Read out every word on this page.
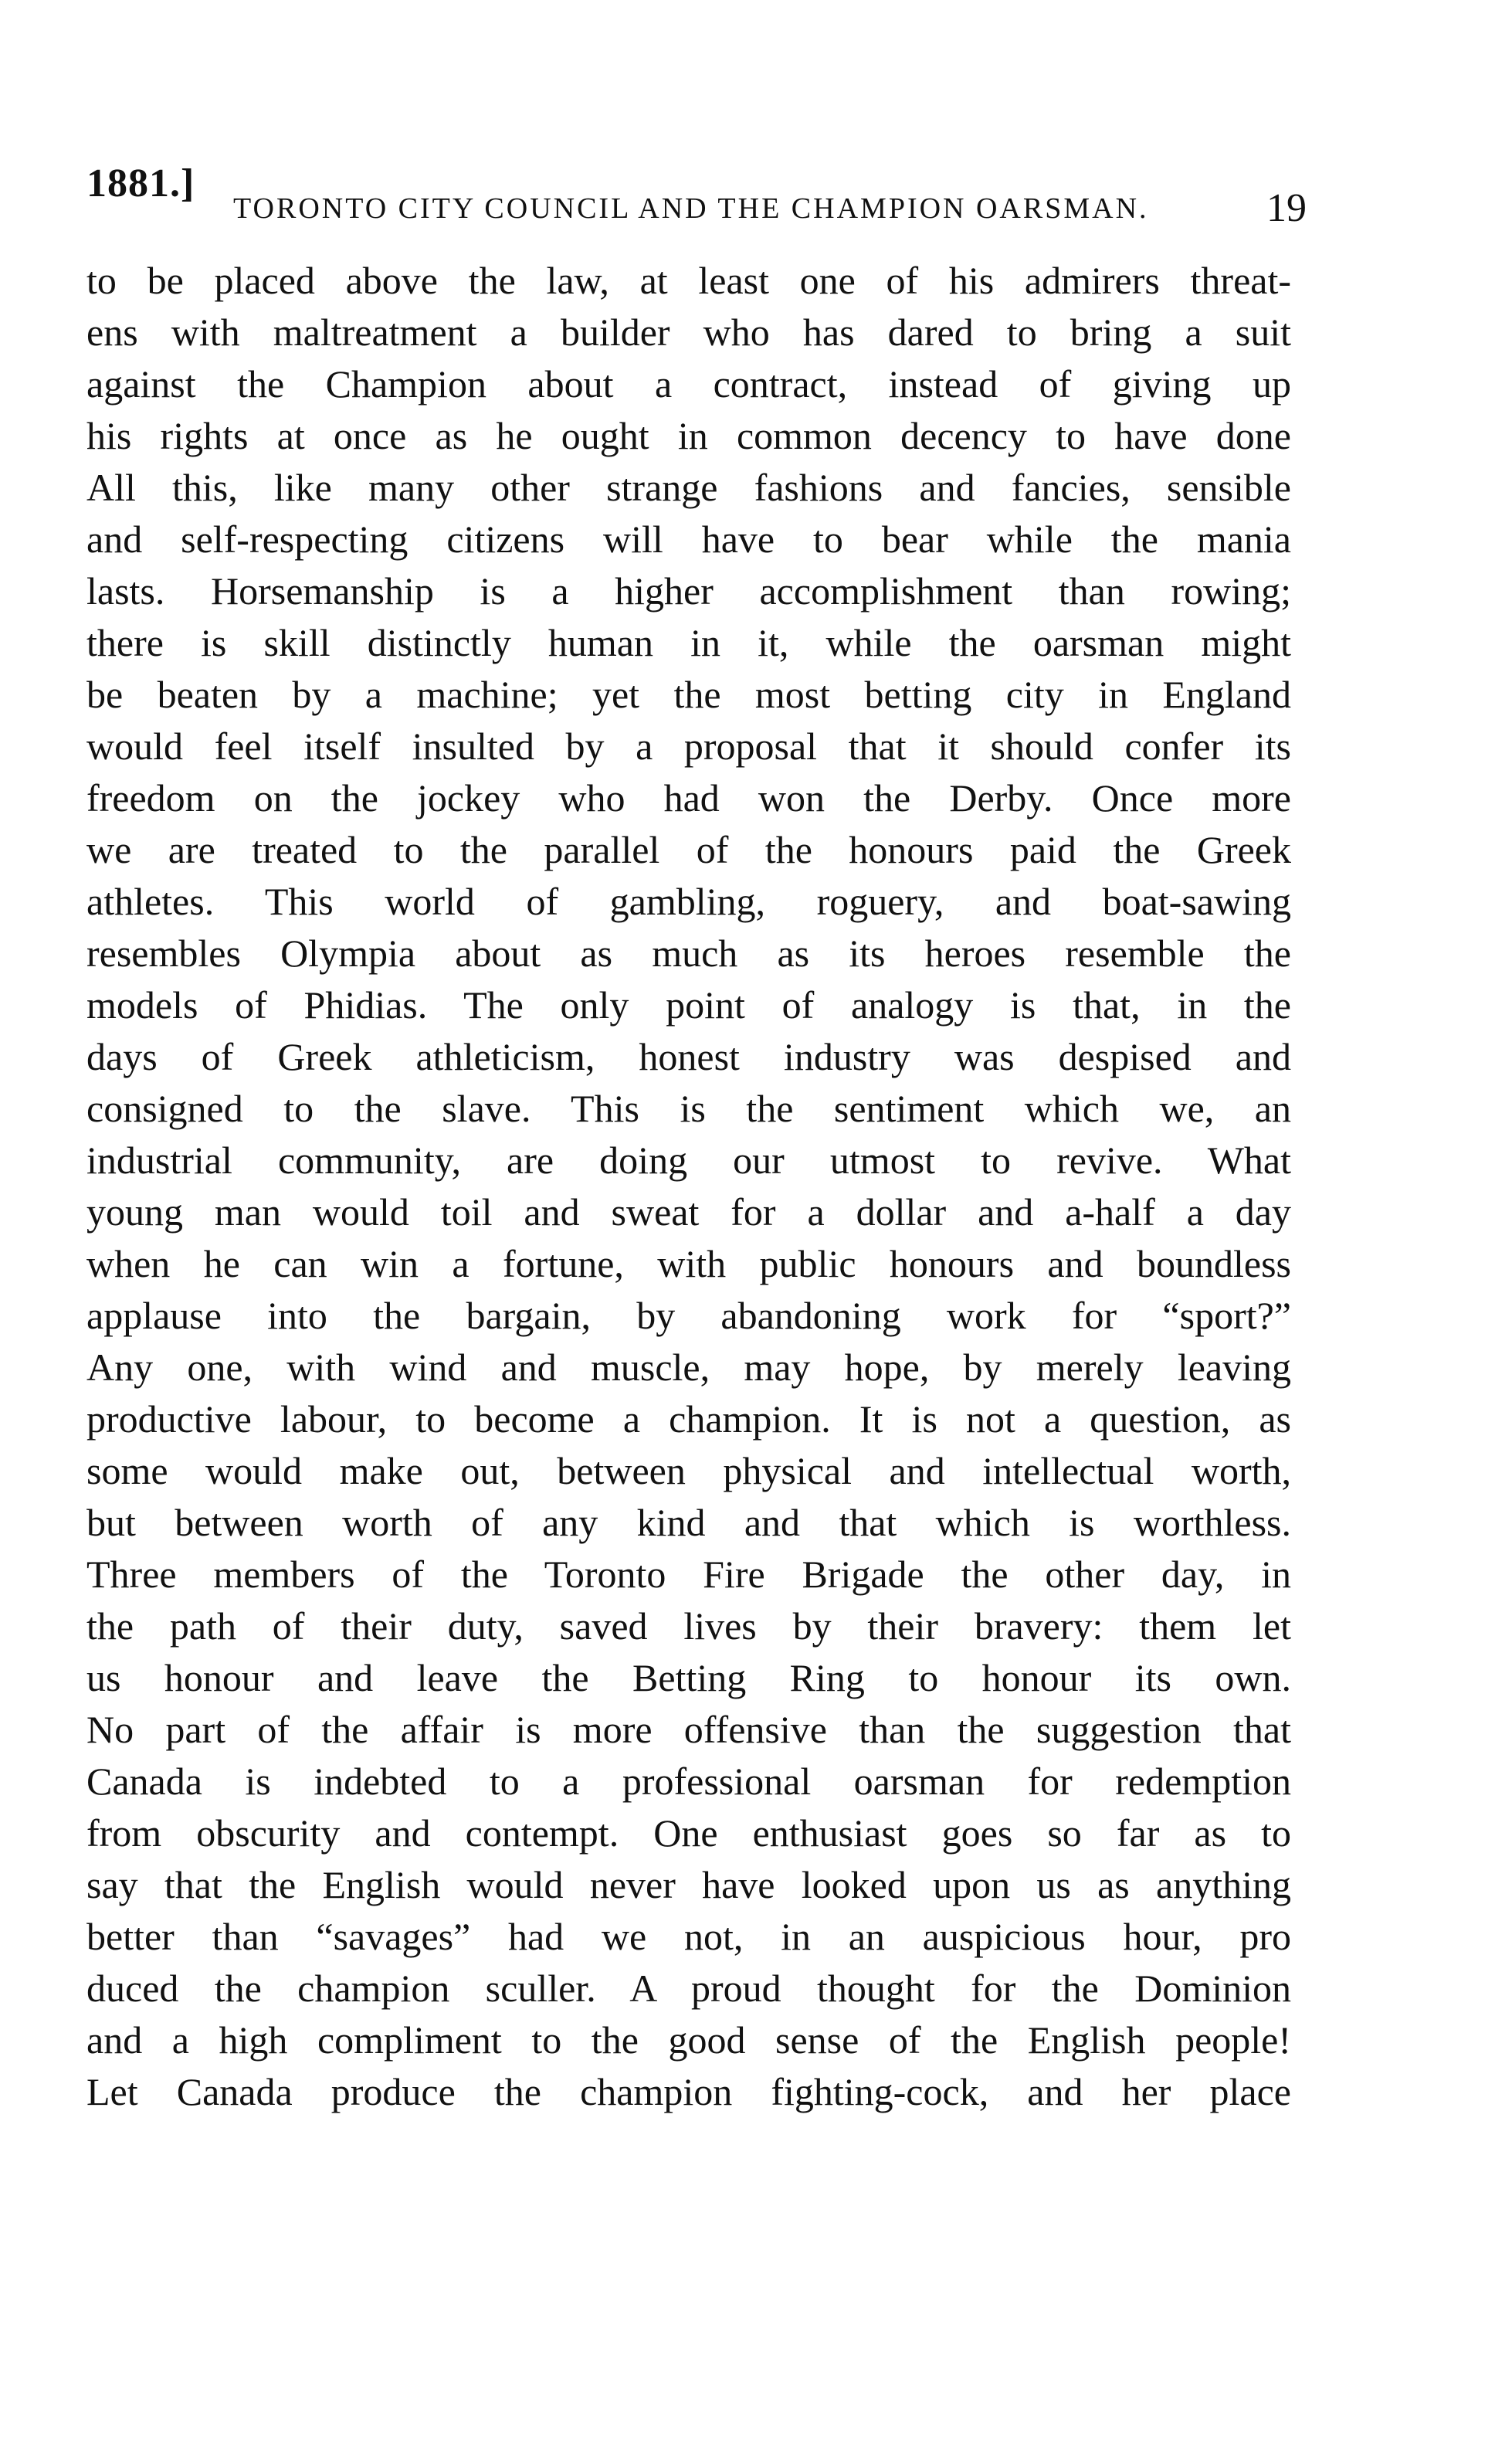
1881.]
TORONTO CITY COUNCIL AND THE CHAMPION OARSMAN.	19
to be placed above the law, at least one of his admirers threat-
ens with maltreatment a builder who has dared to bring a suit
against the Champion about a contract, instead of giving up
his rights at once as he ought in common decency to have done
All this, like many other strange fashions and fancies, sensible
and self-respecting citizens will have to bear while the mania
lasts. Horsemanship is a higher accomplishment than rowing;
there is skill distinctly human in it, while the oarsman might
be beaten by a machine; yet the most betting city in England
would feel itself insulted by a proposal that it should confer its
freedom on the jockey who had won the Derby. Once more
we are treated to the parallel of the honours paid the Greek
athletes. This world of gambling, roguery, and boat-sawing
resembles Olympia about as much as its heroes resemble the
models of Phidias. The only point of analogy is that, in the
days of Greek athleticism, honest industry was despised and
consigned to the slave. This is the sentiment which we, an
industrial community, are doing our utmost to revive. What
young man would toil and sweat for a dollar and a-half a day
when he can win a fortune, with public honours and boundless
applause into the bargain, by abandoning work for “sport?”
Any one, with wind and muscle, may hope, by merely leaving
productive labour, to become a champion. It is not a question, as
some would make out, between physical and intellectual worth,
but between worth of any kind and that which is worthless.
Three members of the Toronto Fire Brigade the other day, in
the path of their duty, saved lives by their bravery: them let
us honour and leave the Betting Ring to honour its own.
No part of the affair is more offensive than the suggestion that
Canada is indebted to a professional oarsman for redemption
from obscurity and contempt. One enthusiast goes so far as to
say that the English would never have looked upon us as anything
better than “savages” had we not, in an auspicious hour, pro
duced the champion sculler. A proud thought for the Dominion
and a high compliment to the good sense of the English people!
Let Canada produce the champion fighting-cock, and her place
